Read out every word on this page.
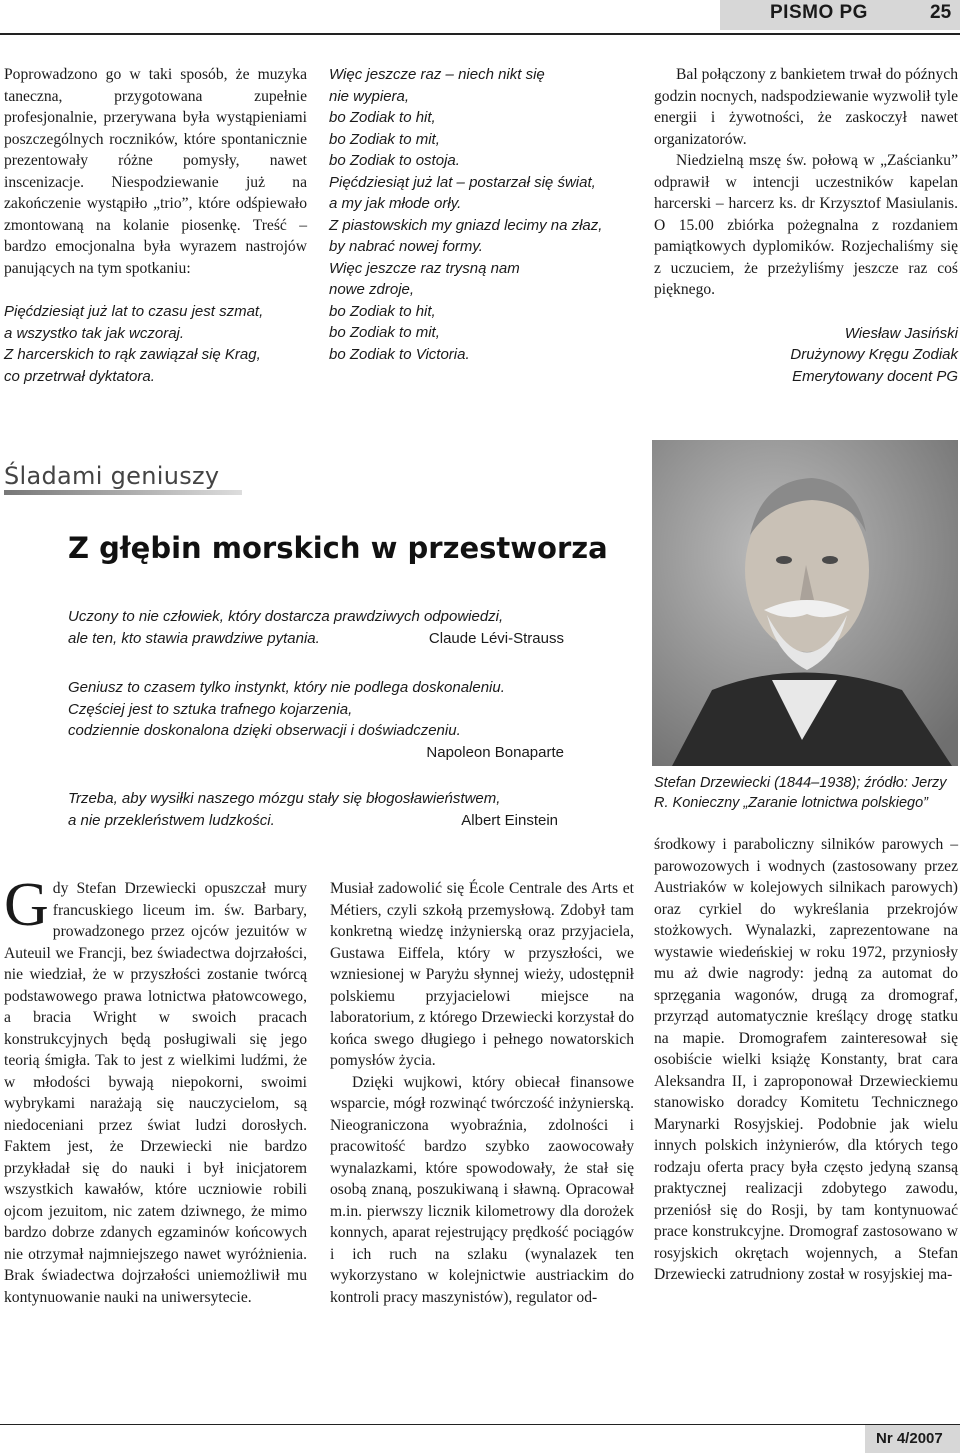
PISMO PG	25

Poprowadzono go w taki sposób, że muzyka taneczna, przygotowana zupełnie profesjonalnie, przerywana była wystąpieniami poszczególnych roczników, które spontanicznie prezentowały różne pomysły, nawet inscenizacje. Niespodziewanie już na zakończenie wystąpiło „trio”, które odśpiewało zmontowaną na kolanie piosenkę. Treść – bardzo emocjonalna była wyrazem nastrojów panujących na tym spotkaniu:

Pięćdziesiąt już lat to czasu jest szmat,

a wszystko tak jak wczoraj.

Z harcerskich to rąk zawiązał się Krag,

co przetrwał dyktatora.

Więc jeszcze raz – niech nikt się

nie wypiera,

bo Zodiak to hit,

bo Zodiak to mit,

bo Zodiak to ostoja.

Pięćdziesiąt już lat – postarzał się świat,

a my jak młode orły.

Z piastowskich my gniazd lecimy na złaz,

by nabrać nowej formy.

Więc jeszcze raz trysną nam

nowe zdroje,

bo Zodiak to hit,

bo Zodiak to mit,

bo Zodiak to Victoria.

Bal połączony z bankietem trwał do późnych godzin nocnych, nadspodziewanie wyzwolił tyle energii i żywotności, że zaskoczył nawet organizatorów.

Niedzielną mszę św. połową w „Zaścianku” odprawił w intencji uczestników kapelan harcerski – harcerz ks. dr Krzysztof Masiulanis. O 15.00 zbiórka pożegnalna z rozdaniem pamiątkowych dyplomików. Rozjechaliśmy się z uczuciem, że przeżyliśmy jeszcze raz coś pięknego.

Wiesław Jasiński

Drużynowy Kręgu Zodiak

Emerytowany docent PG

Śladami geniuszy
Z głębin morskich w przestworza
Uczony to nie człowiek, który dostarcza prawdziwych odpowiedzi,
ale ten, kto stawia prawdziwe pytania.	Claude Lévi-Strauss
Geniusz to czasem tylko instynkt, który nie podlega doskonaleniu.
Częściej jest to sztuka trafnego kojarzenia,
codziennie doskonalona dzięki obserwacji i doświadczeniu.
Napoleon Bonaparte
Trzeba, aby wysiłki naszego mózgu stały się błogosławieństwem,
a nie przekleństwem ludzkości.	Albert Einstein
Stefan Drzewiecki (1844–1938); źródło: Jerzy R. Konieczny „Zaranie lotnictwa polskiego”

G dy Stefan Drzewiecki opuszczał mury francuskiego liceum im. św. Barbary, prowadzonego przez ojców jezuitów w Auteuil we Francji, bez świadectwa dojrzałości, nie wiedział, że w przyszłości zostanie twórcą podstawowego prawa lotnictwa płatowcowego, a bracia Wright w swoich pracach konstrukcyjnych będą posługiwali się jego teorią śmigła. Tak to jest z wielkimi ludźmi, że w młodości bywają niepokorni, swoimi wybrykami narażają się nauczycielom, są niedoceniani przez świat ludzi dorosłych. Faktem jest, że Drzewiecki nie bardzo przykładał się do nauki i był inicjatorem wszystkich kawałów, które uczniowie robili ojcom jezuitom, nic zatem dziwnego, że mimo bardzo dobrze zdanych egzaminów końcowych nie otrzymał najmniejszego nawet wyróżnienia. Brak świadectwa dojrzałości uniemożliwił mu kontynuowanie nauki na uniwersytecie.

Musiał zadowolić się École Centrale des Arts et Métiers, czyli szkołą przemysłową. Zdobył tam konkretną wiedzę inżynierską oraz przyjaciela, Gustawa Eiffela, który w przyszłości, we wzniesionej w Paryżu słynnej wieży, udostępnił polskiemu przyjacielowi miejsce na laboratorium, z którego Drzewiecki korzystał do końca swego długiego i pełnego nowatorskich pomysłów życia.

Dzięki wujkowi, który obiecał finansowe wsparcie, mógł rozwinąć twórczość inżynierską. Nieograniczona wyobraźnia, zdolności i pracowitość bardzo szybko zaowocowały wynalazkami, które spowodowały, że stał się osobą znaną, poszukiwaną i sławną. Opracował m.in. pierwszy licznik kilometrowy dla dorożek konnych, aparat rejestrujący prędkość pociągów i ich ruch na szlaku (wynalazek ten wykorzystano w kolejnictwie austriackim do kontroli pracy maszynistów), regulator od-

środkowy i paraboliczny silników parowych – parowozowych i wodnych (zastosowany przez Austriaków w kolejowych silnikach parowych) oraz cyrkiel do wykreślania przekrojów stożkowych. Wynalazki, zaprezentowane na wystawie wiedeńskiej w roku 1972, przyniosły mu aż dwie nagrody: jedną za automat do sprzęgania wagonów, drugą za dromograf, przyrząd automatycznie kreślący drogę statku na mapie. Dromografem zainteresował się osobiście wielki książę Konstanty, brat cara Aleksandra II, i zaproponował Drzewieckiemu stanowisko doradcy Komitetu Technicznego Marynarki Rosyjskiej. Podobnie jak wielu innych polskich inżynierów, dla których tego rodzaju oferta pracy była często jedyną szansą praktycznej realizacji zdobytego zawodu, przeniósł się do Rosji, by tam kontynuować prace konstrukcyjne. Dromograf zastosowano w rosyjskich okrętach wojennych, a Stefan Drzewiecki zatrudniony został w rosyjskiej ma-

Nr 4/2007
